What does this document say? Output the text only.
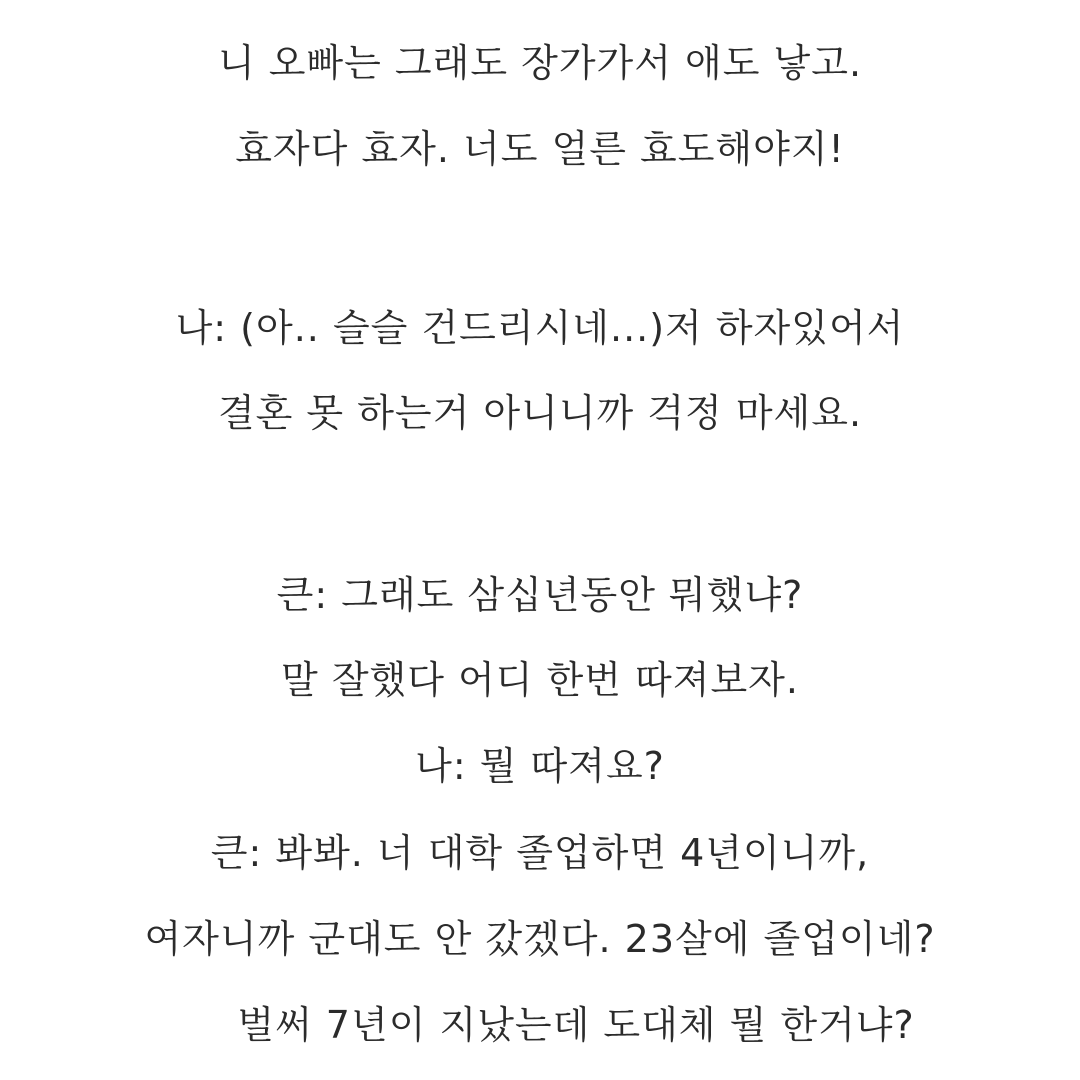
니 오빠는 그래도 장가가서 애도 낳고.
효자다 효자. 너도 얼른 효도해야지!
나: (아.. 슬슬 건드리시네...)저 하자있어서
결혼 못 하는거 아니니까 걱정 마세요.
큰: 그래도 삼십년동안 뭐했냐?
말 잘했다 어디 한번 따져보자.
나: 뭘 따져요?
큰: 봐봐. 너 대학 졸업하면 4년이니까,
여자니까 군대도 안 갔겠다. 23살에 졸업이네?
벌써 7년이 지났는데 도대체 뭘 한거냐?
